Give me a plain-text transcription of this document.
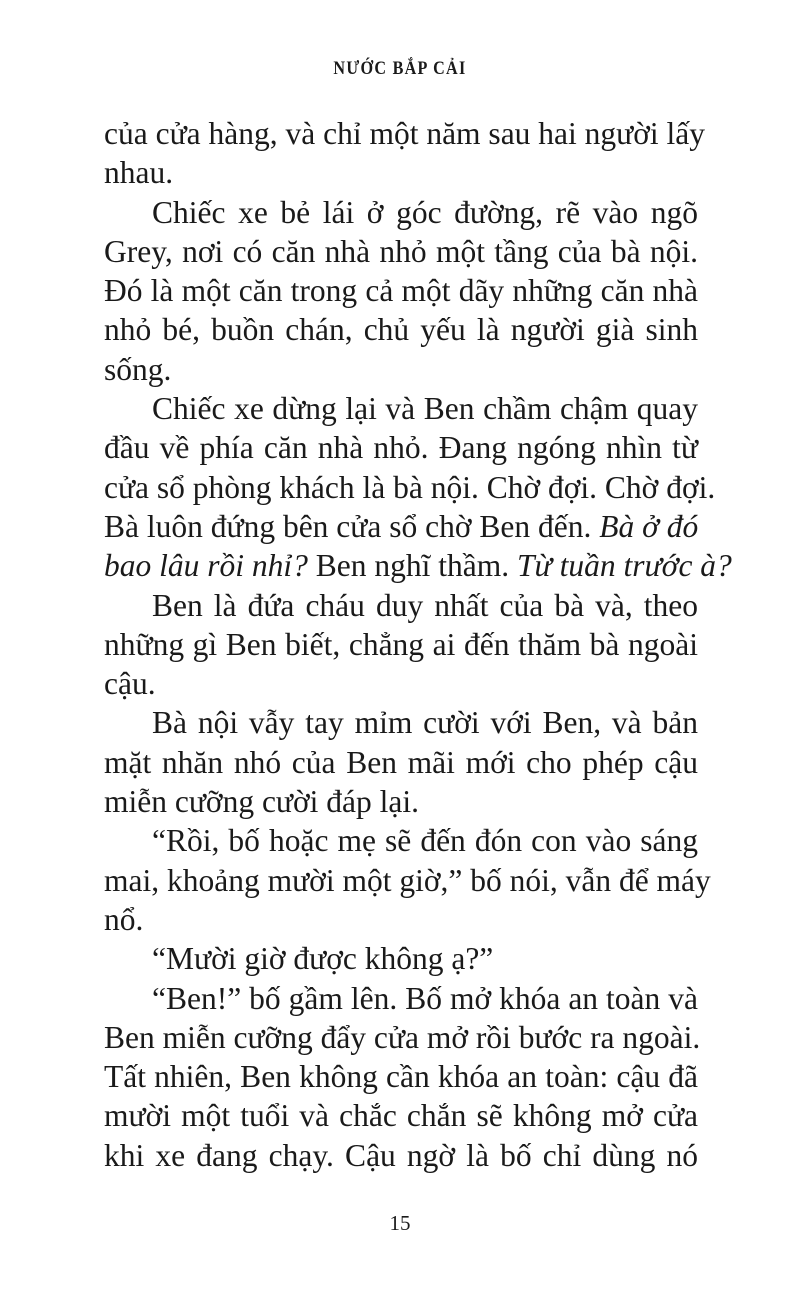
NƯỚC BẮP CẢI
của cửa hàng, và chỉ một năm sau hai người lấy
nhau.
Chiếc xe bẻ lái ở góc đường, rẽ vào ngõ
Grey, nơi có căn nhà nhỏ một tầng của bà nội.
Đó là một căn trong cả một dãy những căn nhà
nhỏ bé, buồn chán, chủ yếu là người già sinh
sống.
Chiếc xe dừng lại và Ben chầm chậm quay
đầu về phía căn nhà nhỏ. Đang ngóng nhìn từ
cửa sổ phòng khách là bà nội. Chờ đợi. Chờ đợi.
Bà luôn đứng bên cửa sổ chờ Ben đến. Bà ở đó
bao lâu rồi nhỉ? Ben nghĩ thầm. Từ tuần trước à?
Ben là đứa cháu duy nhất của bà và, theo
những gì Ben biết, chẳng ai đến thăm bà ngoài
cậu.
Bà nội vẫy tay mỉm cười với Ben, và bản
mặt nhăn nhó của Ben mãi mới cho phép cậu
miễn cưỡng cười đáp lại.
“Rồi, bố hoặc mẹ sẽ đến đón con vào sáng
mai, khoảng mười một giờ,” bố nói, vẫn để máy
nổ.
“Mười giờ được không ạ?”
“Ben!” bố gầm lên. Bố mở khóa an toàn và
Ben miễn cưỡng đẩy cửa mở rồi bước ra ngoài.
Tất nhiên, Ben không cần khóa an toàn: cậu đã
mười một tuổi và chắc chắn sẽ không mở cửa
khi xe đang chạy. Cậu ngờ là bố chỉ dùng nó
15
